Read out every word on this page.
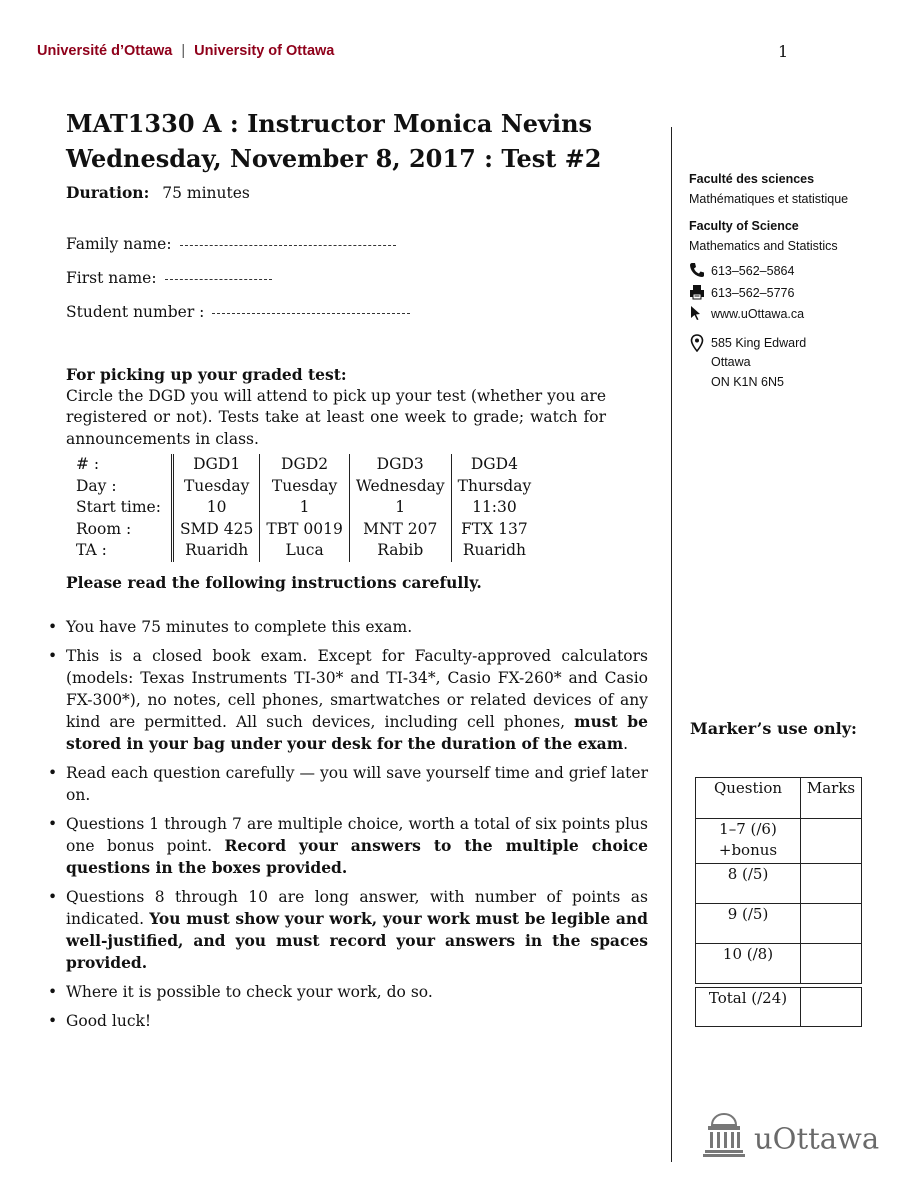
Université d’Ottawa | University of Ottawa	1
MAT1330 A : Instructor Monica Nevins
Wednesday, November 8, 2017 : Test #2
Duration: 75 minutes
Family name:
First name:
Student number :
For picking up your graded test:
Circle the DGD you will attend to pick up your test (whether you are registered or not). Tests take at least one week to grade; watch for announcements in class.
# :	DGD1	DGD2	DGD3	DGD4
Day :	Tuesday	Tuesday	Wednesday	Thursday
Start time:	10	1	1	11:30
Room :	SMD 425	TBT 0019	MNT 207	FTX 137
TA :	Ruaridh	Luca	Rabib	Ruaridh
Please read the following instructions carefully.
• You have 75 minutes to complete this exam.
• This is a closed book exam. Except for Faculty-approved calculators (models: Texas Instruments TI-30* and TI-34*, Casio FX-260* and Casio FX-300*), no notes, cell phones, smartwatches or related devices of any kind are permitted. All such devices, including cell phones, must be stored in your bag under your desk for the duration of the exam.
• Read each question carefully — you will save yourself time and grief later on.
• Questions 1 through 7 are multiple choice, worth a total of six points plus one bonus point. Record your answers to the multiple choice questions in the boxes provided.
• Questions 8 through 10 are long answer, with number of points as indicated. You must show your work, your work must be legible and well-justified, and you must record your answers in the spaces provided.
• Where it is possible to check your work, do so.
• Good luck!
Faculté des sciences
Mathématiques et statistique
Faculty of Science
Mathematics and Statistics
613–562–5864
613–562–5776
www.uOttawa.ca
585 King Edward
Ottawa
ON K1N 6N5
Marker’s use only:
Question	Marks
1–7 (/6)
+bonus
8 (/5)
9 (/5)
10 (/8)
Total (/24)
uOttawa
